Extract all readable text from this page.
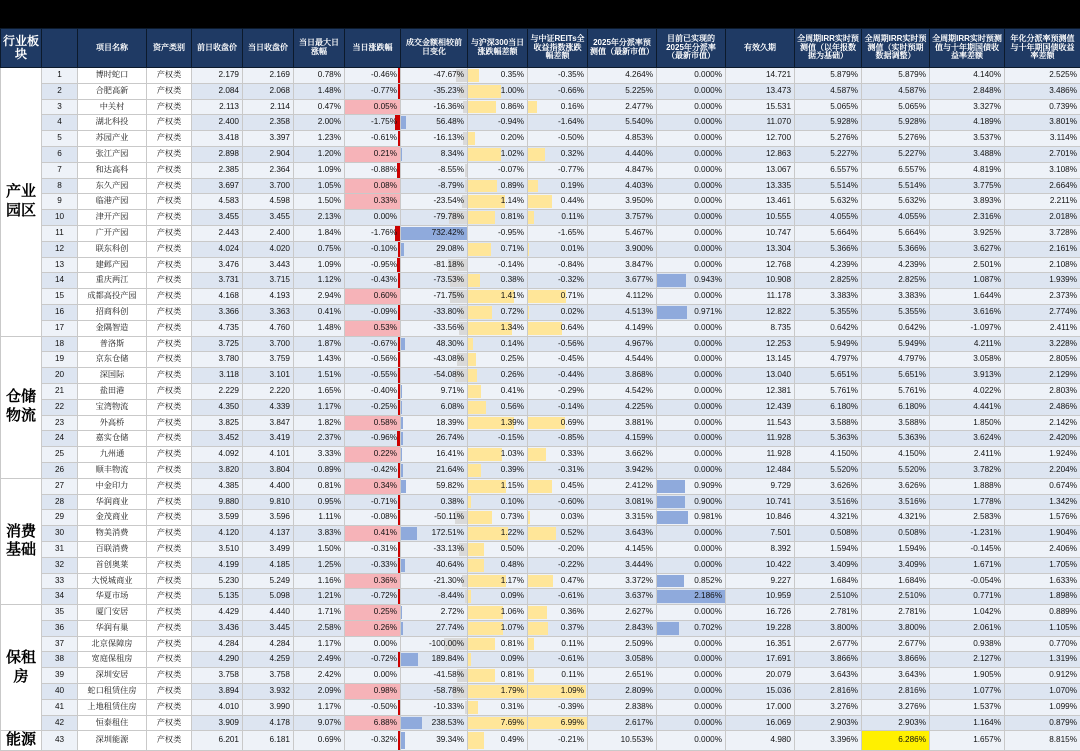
行业板块		项目名称	资产类别	前日收盘价	当日收盘价	当日最大日涨幅	当日涨跌幅	成交金额相较前日变化	与沪深300当日涨跌幅差额	与中证REITs全收益指数涨跌幅差额	2025年分派率预测值（最新市值）	目前已实现的2025年分派率（最新市值）	有效久期	全周期IRR实时预测值（以年报数据为基础）	全周期IRR实时预测值（实时预期数据调整）	全周期IRR实时预测值与十年期国债收益率差额	年化分派率预测值与十年期国债收益率差额
产业园区	1	博时蛇口	产权类	2.179	2.169	0.78%	-0.46%	-47.67%	0.35%	-0.35%	4.264%	0.000%	14.721	5.879%	5.879%	4.140%	2.525%
	2	合肥高新	产权类	2.084	2.068	1.48%	-0.77%	-35.23%	1.00%	-0.66%	5.225%	0.000%	13.473	4.587%	4.587%	2.848%	3.486%
	3	中关村	产权类	2.113	2.114	0.47%	0.05%	-16.36%	0.86%	0.16%	2.477%	0.000%	15.531	5.065%	5.065%	3.327%	0.739%
	4	湖北科投	产权类	2.400	2.358	2.00%	-1.75%	56.48%	-0.94%	-1.64%	5.540%	0.000%	11.070	5.928%	5.928%	4.189%	3.801%
	5	苏园产业	产权类	3.418	3.397	1.23%	-0.61%	-16.13%	0.20%	-0.50%	4.853%	0.000%	12.700	5.276%	5.276%	3.537%	3.114%
	6	张江产园	产权类	2.898	2.904	1.20%	0.21%	8.34%	1.02%	0.32%	4.440%	0.000%	12.863	5.227%	5.227%	3.488%	2.701%
	7	和达高科	产权类	2.385	2.364	1.09%	-0.88%	-8.55%	-0.07%	-0.77%	4.847%	0.000%	13.067	6.557%	6.557%	4.819%	3.108%
	8	东久产园	产权类	3.697	3.700	1.05%	0.08%	-8.79%	0.89%	0.19%	4.403%	0.000%	13.335	5.514%	5.514%	3.775%	2.664%
	9	临港产园	产权类	4.583	4.598	1.50%	0.33%	-23.54%	1.14%	0.44%	3.950%	0.000%	13.461	5.632%	5.632%	3.893%	2.211%
	10	津开产园	产权类	3.455	3.455	2.13%	0.00%	-79.78%	0.81%	0.11%	3.757%	0.000%	10.555	4.055%	4.055%	2.316%	2.018%
	11	广开产园	产权类	2.443	2.400	1.84%	-1.76%	732.42%	-0.95%	-1.65%	5.467%	0.000%	10.747	5.664%	5.664%	3.925%	3.728%
	12	联东科创	产权类	4.024	4.020	0.75%	-0.10%	29.08%	0.71%	0.01%	3.900%	0.000%	13.304	5.366%	5.366%	3.627%	2.161%
	13	建邺产园	产权类	3.476	3.443	1.09%	-0.95%	-81.18%	-0.14%	-0.84%	3.847%	0.000%	12.768	4.239%	4.239%	2.501%	2.108%
	14	重庆两江	产权类	3.731	3.715	1.12%	-0.43%	-73.53%	0.38%	-0.32%	3.677%	0.943%	10.908	2.825%	2.825%	1.087%	1.939%
	15	成都高投产园	产权类	4.168	4.193	2.94%	0.60%	-71.75%	1.41%	0.71%	4.112%	0.000%	11.178	3.383%	3.383%	1.644%	2.373%
	16	招商科创	产权类	3.366	3.363	0.41%	-0.09%	-33.80%	0.72%	0.02%	4.513%	0.971%	12.822	5.355%	5.355%	3.616%	2.774%
	17	金隅智造	产权类	4.735	4.760	1.48%	0.53%	-33.56%	1.34%	0.64%	4.149%	0.000%	8.735	0.642%	0.642%	-1.097%	2.411%
仓储物流	18	普洛斯	产权类	3.725	3.700	1.87%	-0.67%	48.30%	0.14%	-0.56%	4.967%	0.000%	12.253	5.949%	5.949%	4.211%	3.228%
	19	京东仓储	产权类	3.780	3.759	1.43%	-0.56%	-43.08%	0.25%	-0.45%	4.544%	0.000%	13.145	4.797%	4.797%	3.058%	2.805%
	20	深国际	产权类	3.118	3.101	1.51%	-0.55%	-54.08%	0.26%	-0.44%	3.868%	0.000%	13.040	5.651%	5.651%	3.913%	2.129%
	21	盐田港	产权类	2.229	2.220	1.65%	-0.40%	9.71%	0.41%	-0.29%	4.542%	0.000%	12.381	5.761%	5.761%	4.022%	2.803%
	22	宝湾物流	产权类	4.350	4.339	1.17%	-0.25%	6.08%	0.56%	-0.14%	4.225%	0.000%	12.439	6.180%	6.180%	4.441%	2.486%
	23	外高桥	产权类	3.825	3.847	1.82%	0.58%	18.39%	1.39%	0.69%	3.881%	0.000%	11.543	3.588%	3.588%	1.850%	2.142%
	24	嘉实仓储	产权类	3.452	3.419	2.37%	-0.96%	26.74%	-0.15%	-0.85%	4.159%	0.000%	11.928	5.363%	5.363%	3.624%	2.420%
	25	九州通	产权类	4.092	4.101	3.33%	0.22%	16.41%	1.03%	0.33%	3.662%	0.000%	11.928	4.150%	4.150%	2.411%	1.924%
	26	顺丰物流	产权类	3.820	3.804	0.89%	-0.42%	21.64%	0.39%	-0.31%	3.942%	0.000%	12.484	5.520%	5.520%	3.782%	2.204%
消费基础	27	中金印力	产权类	4.385	4.400	0.81%	0.34%	59.82%	1.15%	0.45%	2.412%	0.909%	9.729	3.626%	3.626%	1.888%	0.674%
	28	华润商业	产权类	9.880	9.810	0.95%	-0.71%	0.38%	0.10%	-0.60%	3.081%	0.900%	10.741	3.516%	3.516%	1.778%	1.342%
	29	金茂商业	产权类	3.599	3.596	1.11%	-0.08%	-50.11%	0.73%	0.03%	3.315%	0.981%	10.846	4.321%	4.321%	2.583%	1.576%
	30	物美消费	产权类	4.120	4.137	3.83%	0.41%	172.51%	1.22%	0.52%	3.643%	0.000%	7.501	0.508%	0.508%	-1.231%	1.904%
	31	百联消费	产权类	3.510	3.499	1.50%	-0.31%	-33.13%	0.50%	-0.20%	4.145%	0.000%	8.392	1.594%	1.594%	-0.145%	2.406%
	32	首创奥莱	产权类	4.199	4.185	1.25%	-0.33%	40.64%	0.48%	-0.22%	3.444%	0.000%	10.422	3.409%	3.409%	1.671%	1.705%
	33	大悦城商业	产权类	5.230	5.249	1.16%	0.36%	-21.30%	1.17%	0.47%	3.372%	0.852%	9.227	1.684%	1.684%	-0.054%	1.633%
	34	华夏市场	产权类	5.135	5.098	1.21%	-0.72%	-8.44%	0.09%	-0.61%	3.637%	2.186%	10.959	2.510%	2.510%	0.771%	1.898%
保租房	35	厦门安居	产权类	4.429	4.440	1.71%	0.25%	2.72%	1.06%	0.36%	2.627%	0.000%	16.726	2.781%	2.781%	1.042%	0.889%
	36	华润有巢	产权类	3.436	3.445	2.58%	0.26%	27.74%	1.07%	0.37%	2.843%	0.702%	19.228	3.800%	3.800%	2.061%	1.105%
	37	北京保障房	产权类	4.284	4.284	1.17%	0.00%	-100.00%	0.81%	0.11%	2.509%	0.000%	16.351	2.677%	2.677%	0.938%	0.770%
	38	宽庭保租房	产权类	4.290	4.259	2.49%	-0.72%	189.84%	0.09%	-0.61%	3.058%	0.000%	17.691	3.866%	3.866%	2.127%	1.319%
	39	深圳安居	产权类	3.758	3.758	2.42%	0.00%	-41.58%	0.81%	0.11%	2.651%	0.000%	20.079	3.643%	3.643%	1.905%	0.912%
	40	蛇口租赁住房	产权类	3.894	3.932	2.09%	0.98%	-58.78%	1.79%	1.09%	2.809%	0.000%	15.036	2.816%	2.816%	1.077%	1.070%
	41	上地租赁住房	产权类	4.010	3.990	1.17%	-0.50%	-10.33%	0.31%	-0.39%	2.838%	0.000%	17.000	3.276%	3.276%	1.537%	1.099%
	42	恒泰租住	产权类	3.909	4.178	9.07%	6.88%	238.53%	7.69%	6.99%	2.617%	0.000%	16.069	2.903%	2.903%	1.164%	0.879%
能源	43	深圳能源	产权类	6.201	6.181	0.69%	-0.32%	39.34%	0.49%	-0.21%	10.553%	0.000%	4.980	3.396%	6.286%	1.657%	8.815%
